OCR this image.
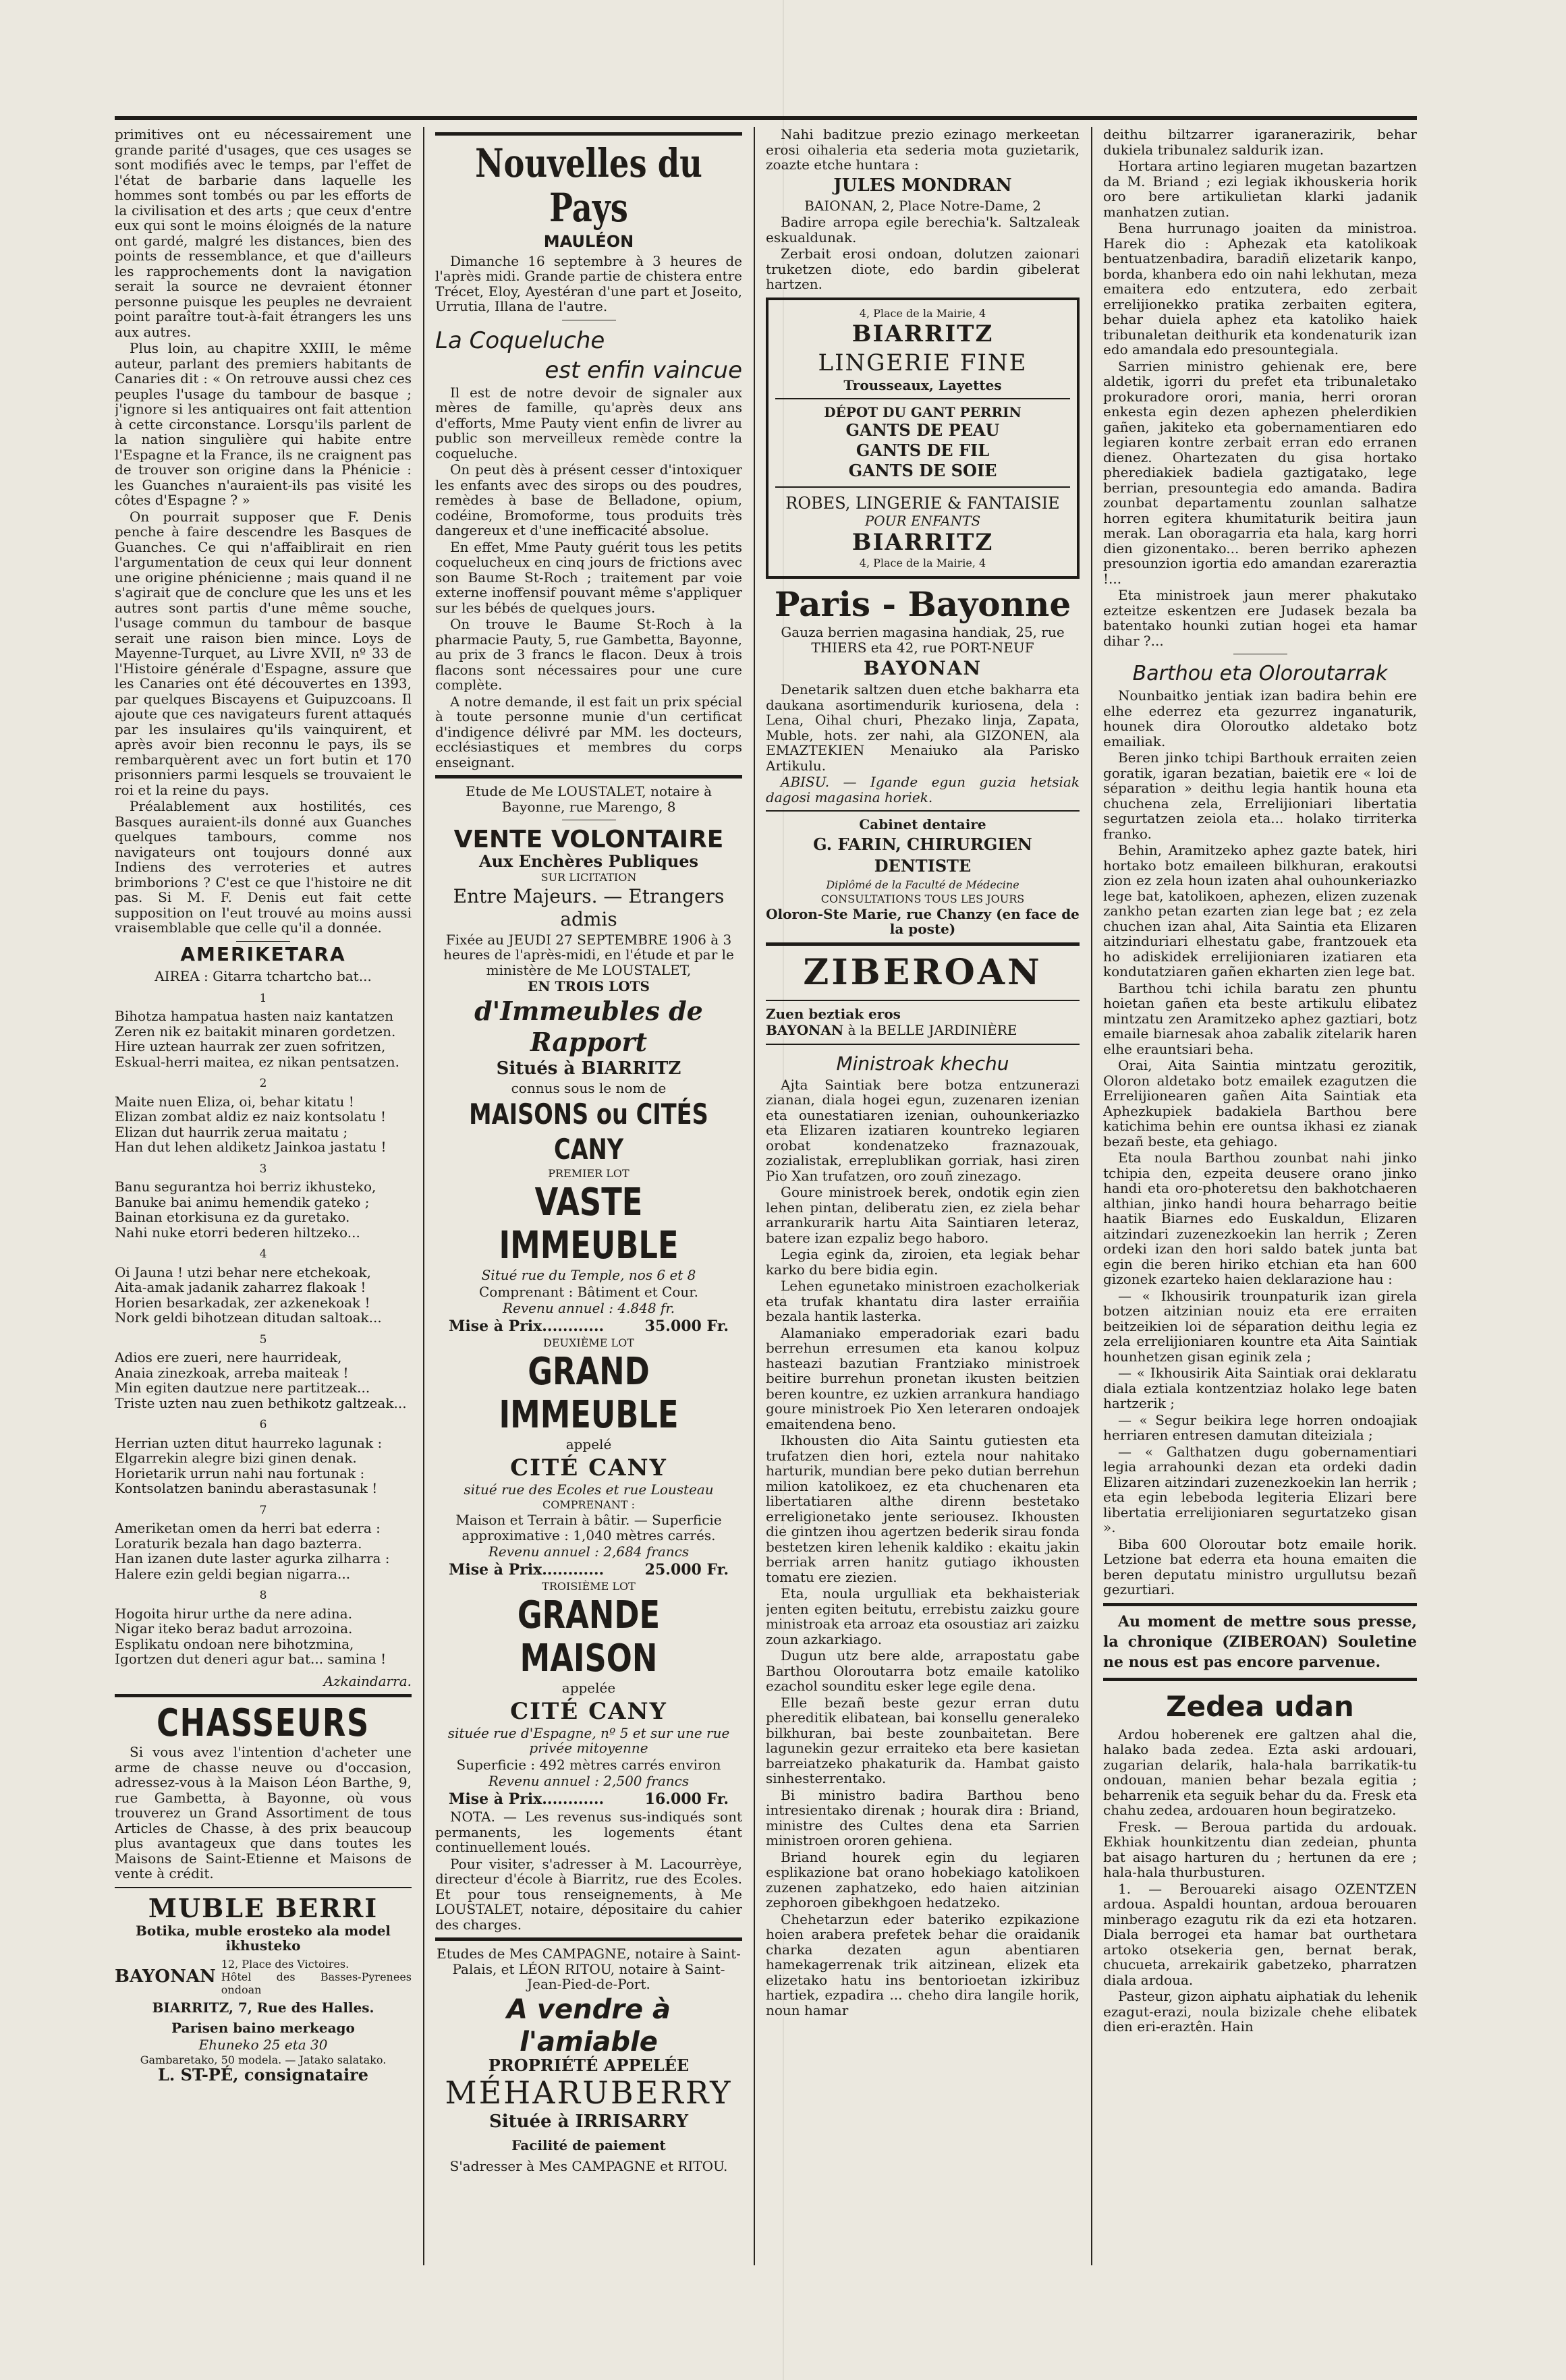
primitives ont eu nécessairement une grande parité d'usages, que ces usages se sont modifiés avec le temps, par l'effet de l'état de barbarie dans laquelle les hommes sont tombés ou par les efforts de la civilisation et des arts ; que ceux d'entre eux qui sont le moins éloignés de la nature ont gardé, malgré les distances, bien des points de ressemblance, et que d'ailleurs les rapprochements dont la navigation serait la source ne devraient étonner personne puisque les peuples ne devraient point paraître tout-à-fait étrangers les uns aux autres.

Plus loin, au chapitre XXIII, le même auteur, parlant des premiers habitants de Canaries dit : « On retrouve aussi chez ces peuples l'usage du tambour de basque ; j'ignore si les antiquaires ont fait attention à cette circonstance. Lorsqu'ils parlent de la nation singulière qui habite entre l'Espagne et la France, ils ne craignent pas de trouver son origine dans la Phénicie : les Guanches n'auraient-ils pas visité les côtes d'Espagne ? »

On pourrait supposer que F. Denis penche à faire descendre les Basques de Guanches. Ce qui n'affaiblirait en rien l'argumentation de ceux qui leur donnent une origine phénicienne ; mais quand il ne s'agirait que de conclure que les uns et les autres sont partis d'une même souche, l'usage commun du tambour de basque serait une raison bien mince. Loys de Mayenne-Turquet, au Livre XVII, nº 33 de l'Histoire générale d'Espagne, assure que les Canaries ont été découvertes en 1393, par quelques Biscayens et Guipuzcoans. Il ajoute que ces navigateurs furent attaqués par les insulaires qu'ils vainquirent, et après avoir bien reconnu le pays, ils se rembarquèrent avec un fort butin et 170 prisonniers parmi lesquels se trouvaient le roi et la reine du pays.

Préalablement aux hostilités, ces Basques auraient-ils donné aux Guanches quelques tambours, comme nos navigateurs ont toujours donné aux Indiens des verroteries et autres brimborions ? C'est ce que l'histoire ne dit pas. Si M. F. Denis eut fait cette supposition on l'eut trouvé au moins aussi vraisemblable que celle qu'il a donnée.

AMERIKETARA

AIREA : Gitarra tchartcho bat...

1

Bihotza hampatua hasten naiz kantatzen

Zeren nik ez baitakit minaren gordetzen.

Hire uztean haurrak zer zuen sofritzen,

Eskual-herri maitea, ez nikan pentsatzen.

2

Maite nuen Eliza, oi, behar kitatu !

Elizan zombat aldiz ez naiz kontsolatu !

Elizan dut haurrik zerua maitatu ;

Han dut lehen aldiketz Jainkoa jastatu !

3

Banu segurantza hoi berriz ikhusteko,

Banuke bai animu hemendik gateko ;

Bainan etorkisuna ez da guretako.

Nahi nuke etorri bederen hiltzeko...

4

Oi Jauna ! utzi behar nere etchekoak,

Aita-amak jadanik zaharrez flakoak !

Horien besarkadak, zer azkenekoak !

Nork geldi bihotzean ditudan saltoak...

5

Adios ere zueri, nere haurrideak,

Anaia zinezkoak, arreba maiteak !

Min egiten dautzue nere partitzeak...

Triste uzten nau zuen bethikotz galtzeak...

6

Herrian uzten ditut haurreko lagunak :

Elgarrekin alegre bizi ginen denak.

Horietarik urrun nahi nau fortunak :

Kontsolatzen banindu aberastasunak !

7

Ameriketan omen da herri bat ederra :

Loraturik bezala han dago bazterra.

Han izanen dute laster agurka zilharra :

Halere ezin geldi begian nigarra...

8

Hogoita hirur urthe da nere adina.

Nigar iteko beraz badut arrozoina.

Esplikatu ondoan nere bihotzmina,

Igortzen dut deneri agur bat... samina !

Azkaindarra.

CHASSEURS

Si vous avez l'intention d'acheter une arme de chasse neuve ou d'occasion, adressez-vous à la Maison Léon Barthe, 9, rue Gambetta, à Bayonne, où vous trouverez un Grand Assortiment de tous Articles de Chasse, à des prix beaucoup plus avantageux que dans toutes les Maisons de Saint-Etienne et Maisons de vente à crédit.

MUBLE BERRI

Botika, muble erosteko ala model ikhusteko

BAYONAN
12, Place des Victoires.
Hôtel des Basses-Pyrenees ondoan

BIARRITZ, 7, Rue des Halles.

Parisen baino merkeago

Ehuneko 25 eta 30

Gambaretako, 50 modela. — Jatako salatako.

L. ST-PÉ, consignataire

Nouvelles du Pays
MAULÉON

Dimanche 16 septembre à 3 heures de l'après midi. Grande partie de chistera entre Trécet, Eloy, Ayestéran d'une part et Joseito, Urrutia, Illana de l'autre.

La Coqueluche
est enfin vaincue

Il est de notre devoir de signaler aux mères de famille, qu'après deux ans d'efforts, Mme Pauty vient enfin de livrer au public son merveilleux remède contre la coqueluche.

On peut dès à présent cesser d'intoxiquer les enfants avec des sirops ou des poudres, remèdes à base de Belladone, opium, codéine, Bromoforme, tous produits très dangereux et d'une inefficacité absolue.

En effet, Mme Pauty guérit tous les petits coquelucheux en cinq jours de frictions avec son Baume St-Roch ; traitement par voie externe inoffensif pouvant même s'appliquer sur les bébés de quelques jours.

On trouve le Baume St-Roch à la pharmacie Pauty, 5, rue Gambetta, Bayonne, au prix de 3 francs le flacon. Deux à trois flacons sont nécessaires pour une cure complète.

A notre demande, il est fait un prix spécial à toute personne munie d'un certificat d'indigence délivré par MM. les docteurs, ecclésiastiques et membres du corps enseignant.

Etude de Me LOUSTALET, notaire à Bayonne, rue Marengo, 8

VENTE VOLONTAIRE

Aux Enchères Publiques

SUR LICITATION

Entre Majeurs. — Etrangers admis

Fixée au JEUDI 27 SEPTEMBRE 1906 à 3 heures de l'après-midi, en l'étude et par le ministère de Me LOUSTALET,

EN TROIS LOTS

d'Immeubles de Rapport

Situés à BIARRITZ

connus sous le nom de

MAISONS ou CITÉS CANY

PREMIER LOT

VASTE IMMEUBLE

Situé rue du Temple, nos 6 et 8

Comprenant : Bâtiment et Cour.

Revenu annuel : 4.848 fr.

Mise à Prix............	35.000 Fr.

DEUXIÈME LOT

GRAND IMMEUBLE

appelé

CITÉ CANY

situé rue des Ecoles et rue Lousteau

COMPRENANT :

Maison et Terrain à bâtir. — Superficie approximative : 1,040 mètres carrés.

Revenu annuel : 2,684 francs

Mise à Prix............	25.000 Fr.

TROISIÈME LOT

GRANDE MAISON

appelée

CITÉ CANY

située rue d'Espagne, nº 5 et sur une rue privée mitoyenne

Superficie : 492 mètres carrés environ

Revenu annuel : 2,500 francs

Mise à Prix............	16.000 Fr.

NOTA. — Les revenus sus-indiqués sont permanents, les logements étant continuellement loués.

Pour visiter, s'adresser à M. Lacourrèye, directeur d'école à Biarritz, rue des Ecoles. Et pour tous renseignements, à Me LOUSTALET, notaire, dépositaire du cahier des charges.

Etudes de Mes CAMPAGNE, notaire à Saint-Palais, et LÉON RITOU, notaire à Saint-Jean-Pied-de-Port.

A vendre à l'amiable

PROPRIÉTÉ APPELÉE

MÉHARUBERRY

Située à IRRISARRY

Facilité de paiement

S'adresser à Mes CAMPAGNE et RITOU.

Nahi baditzue prezio ezinago merkeetan erosi oihaleria eta sederia mota guzietarik, zoazte etche huntara :

JULES MONDRAN

BAIONAN, 2, Place Notre-Dame, 2

Badire arropa egile berechia'k. Saltzaleak eskualdunak.

Zerbait erosi ondoan, dolutzen zaionari truketzen diote, edo bardin gibelerat hartzen.

4, Place de la Mairie, 4
BIARRITZ
LINGERIE FINE
Trousseaux, Layettes
DÉPOT DU GANT PERRIN
GANTS DE PEAU
GANTS DE FIL
GANTS DE SOIE
ROBES, LINGERIE & FANTAISIE
POUR ENFANTS
BIARRITZ
4, Place de la Mairie, 4
Paris - Bayonne

Gauza berrien magasina handiak, 25, rue THIERS eta 42, rue PORT-NEUF

BAYONAN

Denetarik saltzen duen etche bakharra eta daukana asortimendurik kuriosena, dela : Lena, Oihal churi, Phezako linja, Zapata, Muble, hots. zer nahi, ala GIZONEN, ala EMAZTEKIEN Menaiuko ala Parisko Artikulu.

ABISU. — Igande egun guzia hetsiak dagosi magasina horiek.

Cabinet dentaire

G. FARIN, CHIRURGIEN DENTISTE

Diplômé de la Faculté de Médecine

CONSULTATIONS TOUS LES JOURS

Oloron-Ste Marie, rue Chanzy (en face de la poste)

ZIBEROAN

Zuen beztiak eros

BAYONAN à la BELLE JARDINIÈRE

Ministroak khechu

Ajta Saintiak bere botza entzunerazi zianan, diala hogei egun, zuzenaren izenian eta ounestatiaren izenian, ouhounkeriazko eta Elizaren izatiaren kountreko legiaren orobat kondenatzeko fraznazouak, zozialistak, erreplublikan gorriak, hasi ziren Pio Xan trufatzen, oro zouñ zinezago.

Goure ministroek berek, ondotik egin zien lehen pintan, deliberatu zien, ez ziela behar arrankurarik hartu Aita Saintiaren leteraz, batere izan ezpaliz bego haboro.

Legia egink da, ziroien, eta legiak behar karko du bere bidia egin.

Lehen egunetako ministroen ezacholkeriak eta trufak khantatu dira laster erraiñia bezala hantik lasterka.

Alamaniako emperadoriak ezari badu berrehun erresumen eta kanou kolpuz hasteazi bazutian Frantziako ministroek beitire burrehun pronetan ikusten beitzien beren kountre, ez uzkien arrankura handiago goure ministroek Pio Xen leteraren ondoajek emaitendena beno.

Ikhousten dio Aita Saintu gutiesten eta trufatzen dien hori, eztela nour nahitako harturik, mundian bere peko dutian berrehun milion katolikoez, ez eta chuchenaren eta libertatiaren althe direnn bestetako erreligionetako jente seriousez. Ikhousten die gintzen ihou agertzen bederik sirau fonda bestetzen kiren lehenik kaldiko : ekaitu jakin berriak arren hanitz gutiago ikhousten tomatu ere ziezien.

Eta, noula urgulliak eta bekhaisteriak jenten egiten beitutu, errebistu zaizku goure ministroak eta arroaz eta osoustiaz ari zaizku zoun azkarkiago.

Dugun utz bere alde, arrapostatu gabe Barthou Oloroutarra botz emaile katoliko ezachol sounditu esker lege egile dena.

Elle bezañ beste gezur erran dutu phereditik elibatean, bai konsellu generaleko bilkhuran, bai beste zounbaitetan. Bere lagunekin gezur erraiteko eta bere kasietan barreiatzeko phakaturik da. Hambat gaisto sinhesterrentako.

Bi ministro badira Barthou beno intresientako direnak ; hourak dira : Briand, ministre des Cultes dena eta Sarrien ministroen ororen gehiena.

Briand hourek egin du legiaren esplikazione bat orano hobekiago katolikoen zuzenen zaphatzeko, edo haien aitzinian zephoroen gibekhgoen hedatzeko.

Chehetarzun eder bateriko ezpikazione hoien arabera prefetek behar die oraidanik charka dezaten agun abentiaren hamekagerrenak trik aitzinean, elizek eta elizetako hatu ins bentorioetan izkiribuz hartiek, ezpadira ... cheho dira langile horik, noun hamar

deithu biltzarrer igaranerazirik, behar dukiela tribunalez saldurik izan.

Hortara artino legiaren mugetan bazartzen da M. Briand ; ezi legiak ikhouskeria horik oro bere artikulietan klarki jadanik manhatzen zutian.

Bena hurrunago joaiten da ministroa. Harek dio : Aphezak eta katolikoak bentuatzenbadira, baradiñ elizetarik kanpo, borda, khanbera edo oin nahi lekhutan, meza emaitera edo entzutera, edo zerbait errelijionekko pratika zerbaiten egitera, behar duiela aphez eta katoliko haiek tribunaletan deithurik eta kondenaturik izan edo amandala edo presountegiala.

Sarrien ministro gehienak ere, bere aldetik, igorri du prefet eta tribunaletako prokuradore orori, mania, herri ororan enkesta egin dezen aphezen phelerdikien gañen, jakiteko eta gobernamentiaren edo legiaren kontre zerbait erran edo erranen dienez. Ohartezaten du gisa hortako pherediakiek badiela gaztigatako, lege berrian, presountegia edo amanda. Badira zounbat departamentu zounlan salhatze horren egitera khumitaturik beitira jaun merak. Lan oboragarria eta hala, karg horri dien gizonentako... beren berriko aphezen presounzion igortia edo amandan ezareraztia !...

Eta ministroek jaun merer phakutako ezteitze eskentzen ere Judasek bezala ba batentako hounki zutian hogei eta hamar dihar ?...

Barthou eta Oloroutarrak

Nounbaitko jentiak izan badira behin ere elhe ederrez eta gezurrez inganaturik, hounek dira Oloroutko aldetako botz emailiak.

Beren jinko tchipi Barthouk erraiten zeien goratik, igaran bezatian, baietik ere « loi de séparation » deithu legia hantik houna eta chuchena zela, Errelijioniari libertatia segurtatzen zeiola eta... holako tirriterka franko.

Behin, Aramitzeko aphez gazte batek, hiri hortako botz emaileen bilkhuran, erakoutsi zion ez zela houn izaten ahal ouhounkeriazko lege bat, katolikoen, aphezen, elizen zuzenak zankho petan ezarten zian lege bat ; ez zela chuchen izan ahal, Aita Saintia eta Elizaren aitzinduriari elhestatu gabe, frantzouek eta ho adiskidek errelijioniaren izatiaren eta kondutatziaren gañen ekharten zien lege bat.

Barthou tchi ichila baratu zen phuntu hoietan gañen eta beste artikulu elibatez mintzatu zen Aramitzeko aphez gaztiari, botz emaile biarnesak ahoa zabalik zitelarik haren elhe erauntsiari beha.

Orai, Aita Saintia mintzatu gerozitik, Oloron aldetako botz emailek ezagutzen die Errelijionearen gañen Aita Saintiak eta Aphezkupiek badakiela Barthou bere katichima behin ere ountsa ikhasi ez zianak bezañ beste, eta gehiago.

Eta noula Barthou zounbat nahi jinko tchipia den, ezpeita deusere orano jinko handi eta oro-photeretsu den bakhotchaeren althian, jinko handi houra beharrago beitie haatik Biarnes edo Euskaldun, Elizaren aitzindari zuzenezkoekin lan herrik ; Zeren ordeki izan den hori saldo batek junta bat egin die beren hiriko etchian eta han 600 gizonek ezarteko haien deklarazione hau :

— « Ikhousirik trounpaturik izan girela botzen aitzinian nouiz eta ere erraiten beitzeikien loi de séparation deithu legia ez zela errelijioniaren kountre eta Aita Saintiak hounhetzen gisan eginik zela ;

— « Ikhousirik Aita Saintiak orai deklaratu diala eztiala kontzentziaz holako lege baten hartzerik ;

— « Segur beikira lege horren ondoajiak herriaren entresen damutan diteiziala ;

— « Galthatzen dugu gobernamentiari legia arrahounki dezan eta ordeki dadin Elizaren aitzindari zuzenezkoekin lan herrik ; eta egin lebeboda legiteria Elizari bere libertatia errelijioniaren segurtatzeko gisan ».

Biba 600 Oloroutar botz emaile horik. Letzione bat ederra eta houna emaiten die beren deputatu ministro urgullutsu bezañ gezurtiari.

Au moment de mettre sous presse, la chronique (ZIBEROAN) Souletine ne nous est pas encore parvenue.

Zedea udan

Ardou hoberenek ere galtzen ahal die, halako bada zedea. Ezta aski ardouari, zugarian delarik, hala-hala barrikatik-tu ondouan, manien behar bezala egitia ; beharrenik eta seguik behar du da. Fresk eta chahu zedea, ardouaren houn begiratzeko.

Fresk. — Beroua partida du ardouak. Ekhiak hounkitzentu dian zedeian, phunta bat aisago harturen du ; hertunen da ere ; hala-hala thurbusturen.

1. — Berouareki aisago OZENTZEN ardoua. Aspaldi hountan, ardoua berouaren minberago ezagutu rik da ezi eta hotzaren. Diala berrogei eta hamar bat ourthetara artoko otsekeria gen, bernat berak, chucueta, arrekairik gabetzeko, pharratzen diala ardoua.

Pasteur, gizon aiphatu aiphatiak du lehenik ezagut-erazi, noula bizizale chehe elibatek dien eri-eraztên. Hain
